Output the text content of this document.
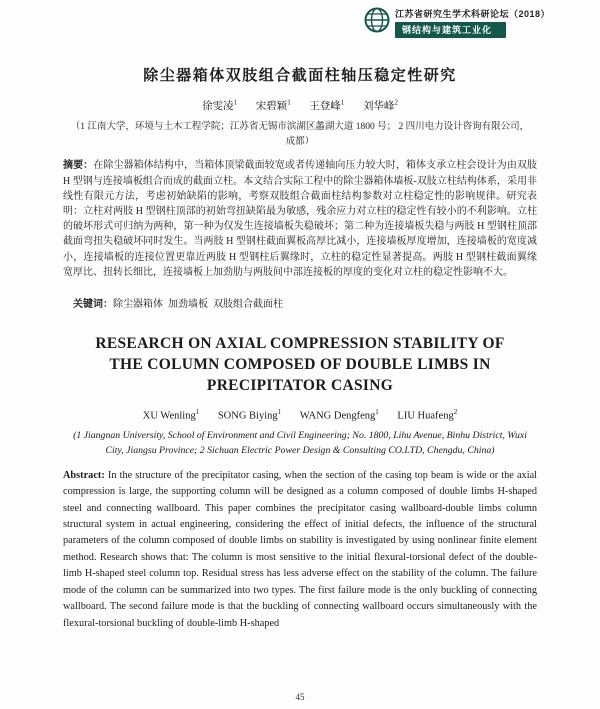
江苏省研究生学术科研论坛（2018）
钢结构与建筑工业化
除尘器箱体双肢组合截面柱轴压稳定性研究
徐雯凌$^1$ 宋碧颖$^1$ 王登峰$^1$ 刘华峰$^2$
（1 江南大学，环境与土木工程学院；江苏省无锡市滨湖区蠡湖大道 1800 号； 2 四川电力设计咨询有限公司，成都）
摘要：在除尘器箱体结构中，当箱体顶梁截面较宽或者传递轴向压力较大时，箱体支承立柱会设计为由双肢 H 型钢与连接墙板组合而成的截面立柱。本文结合实际工程中的除尘器箱体墙板-双肢立柱结构体系，采用非线性有限元方法，考虑初始缺陷的影响，考察双肢组合截面柱结构参数对立柱稳定性的影响规律。研究表明：立柱对两肢 H 型钢柱顶部的初始弯扭缺陷最为敏感，残余应力对立柱的稳定性有较小的不利影响。立柱的破坏形式可归纳为两种，第一种为仅发生连接墙板失稳破坏；第二种为连接墙板失稳与两肢 H 型钢柱顶部截面弯扭失稳破坏同时发生。当两肢 H 型钢柱截面翼板高厚比减小，连接墙板厚度增加，连接墙板的宽度减小，连接墙板的连接位置更靠近两肢 H 型钢柱后翼缘时，立柱的稳定性显著提高。两肢 H 型钢柱截面翼缘宽厚比、扭转长细比，连接墙板上加劲肋与两肢间中部连接板的厚度的变化对立柱的稳定性影响不大。

关键词：除尘器箱体  加劲墙板  双肢组合截面柱

RESEARCH ON AXIAL COMPRESSION STABILITY OF THE COLUMN COMPOSED OF DOUBLE LIMBS IN PRECIPITATOR CASING
XU Wenling$^1$ SONG Biying$^1$ WANG Dengfeng$^1$ LIU Huafeng$^2$
(1 Jiangnan University, School of Environment and Civil Engineering; No. 1800, Lihu Avenue, Binhu District, Wuxi City, Jiangsu Province; 2 Sichuan Electric Power Design & Consulting CO.LTD, Chengdu, China)
Abstract: In the structure of the precipitator casing, when the section of the casing top beam is wide or the axial compression is large, the supporting column will be designed as a column composed of double limbs H-shaped steel and connecting wallboard. This paper combines the precipitator casing wallboard-double limbs column structural system in actual engineering, considering the effect of initial defects, the influence of the structural parameters of the column composed of double limbs on stability is investigated by using nonlinear finite element method. Research shows that: The column is most sensitive to the initial flexural-torsional defect of the double-limb H-shaped steel column top. Residual stress has less adverse effect on the stability of the column. The failure mode of the column can be summarized into two types. The first failure mode is the only buckling of connecting wallboard. The second failure mode is that the buckling of connecting wallboard occurs simultaneously with the flexural-torsional buckling of double-limb H-shaped
45
